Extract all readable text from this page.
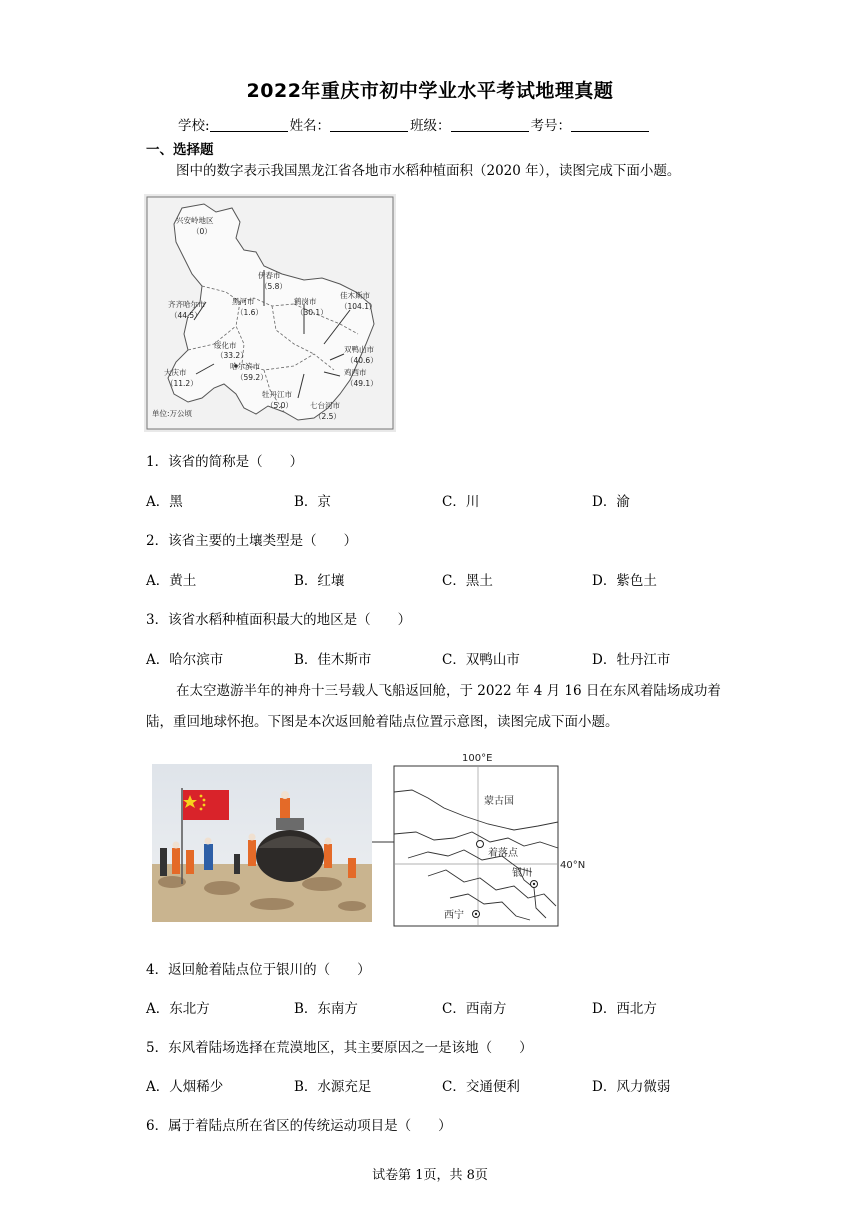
2022年重庆市初中学业水平考试地理真题
学校:	姓名：	班级：	考号：
一、选择题
图中的数字表示我国黑龙江省各地市水稻种植面积（2020 年），读图完成下面小题。
兴安岭地区
（0）
伊春市
（5.8）
齐齐哈尔市
（44.5）
黑河市
（1.6）
鹤岗市
（30.1）
佳木斯市
（104.1）
绥化市
（33.2）
双鸭山市
（40.6）
哈尔滨市
（59.2）
鸡西市
（49.1）
大庆市
（11.2）
牡丹江市
（5.0） 七台河市
（2.5）
单位:万公顷
1．该省的简称是（　　）
A．黑	B．京	C．川	D．渝
2．该省主要的土壤类型是（　　）
A．黄土	B．红壤	C．黑土	D．紫色土
3．该省水稻种植面积最大的地区是（　　）
A．哈尔滨市	B．佳木斯市	C．双鸭山市	D．牡丹江市
在太空遨游半年的神舟十三号载人飞船返回舱，于 2022 年 4 月 16 日在东风着陆场成功着陆，重回地球怀抱。下图是本次返回舱着陆点位置示意图，读图完成下面小题。
100°E
40°N
蒙古国
着落点
银川
西宁
4．返回舱着陆点位于银川的（　　）
A．东北方	B．东南方	C．西南方	D．西北方
5．东风着陆场选择在荒漠地区，其主要原因之一是该地（　　）
A．人烟稀少	B．水源充足	C．交通便利	D．风力微弱
6．属于着陆点所在省区的传统运动项目是（　　）
试卷第 1页，共 8页
